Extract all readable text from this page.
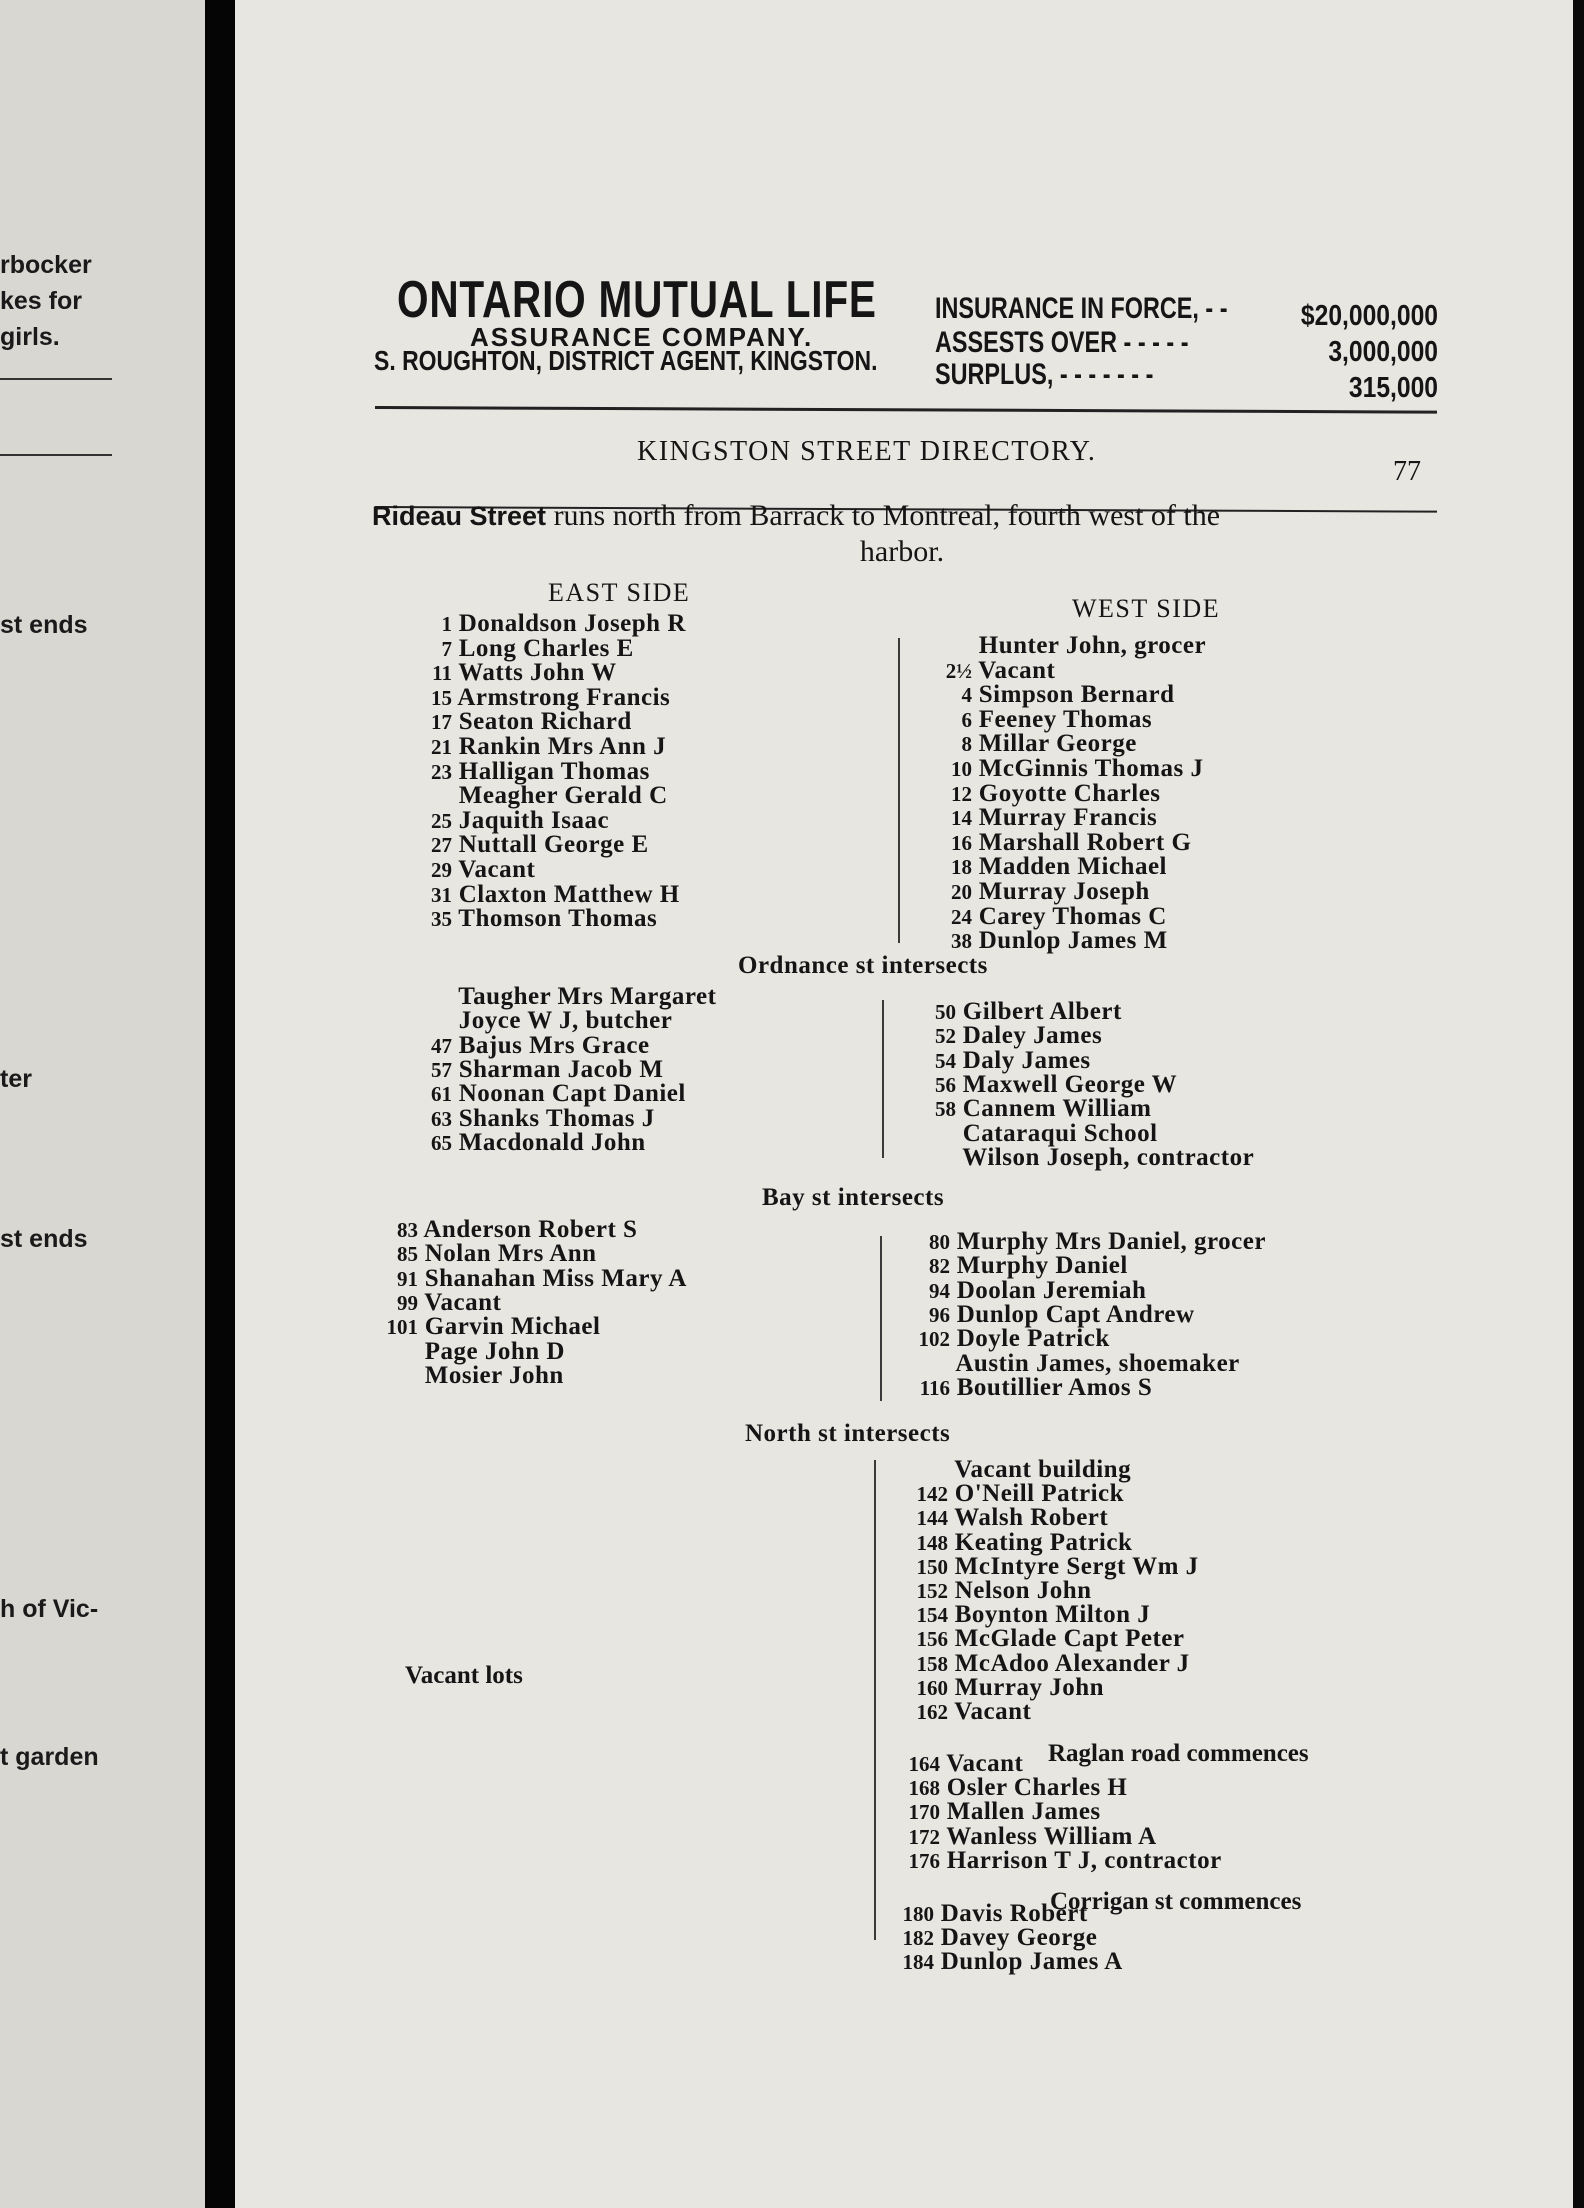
rbocker
kes for
girls.
st ends
ter
st ends
h of Vic-
t garden
ONTARIO MUTUAL LIFE
ASSURANCE COMPANY.
S. ROUGHTON, DISTRICT AGENT, KINGSTON.
INSURANCE IN FORCE, - -	$20,000,000
ASSESTS OVER - - - - -	3,000,000
SURPLUS, - - - - - - -	315,000
KINGSTON STREET DIRECTORY.
77
Rideau Street runs north from Barrack to Montreal, fourth west of the
harbor.
EAST SIDE
WEST SIDE
Ordnance st intersects
Bay st intersects
North st intersects
Vacant lots
Raglan road commences
Corrigan st commences
1 Donaldson Joseph R
7 Long Charles E
11 Watts John W
15 Armstrong Francis
17 Seaton Richard
21 Rankin Mrs Ann J
23 Halligan Thomas
Meagher Gerald C
25 Jaquith Isaac
27 Nuttall George E
29 Vacant
31 Claxton Matthew H
35 Thomson Thomas
Hunter John, grocer
2½ Vacant
4 Simpson Bernard
6 Feeney Thomas
8 Millar George
10 McGinnis Thomas J
12 Goyotte Charles
14 Murray Francis
16 Marshall Robert G
18 Madden Michael
20 Murray Joseph
24 Carey Thomas C
38 Dunlop James M
Taugher Mrs Margaret
Joyce W J, butcher
47 Bajus Mrs Grace
57 Sharman Jacob M
61 Noonan Capt Daniel
63 Shanks Thomas J
65 Macdonald John
50 Gilbert Albert
52 Daley James
54 Daly James
56 Maxwell George W
58 Cannem William
Cataraqui School
Wilson Joseph, contractor
83 Anderson Robert S
85 Nolan Mrs Ann
91 Shanahan Miss Mary A
99 Vacant
101 Garvin Michael
Page John D
Mosier John
80 Murphy Mrs Daniel, grocer
82 Murphy Daniel
94 Doolan Jeremiah
96 Dunlop Capt Andrew
102 Doyle Patrick
Austin James, shoemaker
116 Boutillier Amos S
Vacant building
142 O'Neill Patrick
144 Walsh Robert
148 Keating Patrick
150 McIntyre Sergt Wm J
152 Nelson John
154 Boynton Milton J
156 McGlade Capt Peter
158 McAdoo Alexander J
160 Murray John
162 Vacant
164 Vacant
168 Osler Charles H
170 Mallen James
172 Wanless William A
176 Harrison T J, contractor
180 Davis Robert
182 Davey George
184 Dunlop James A
